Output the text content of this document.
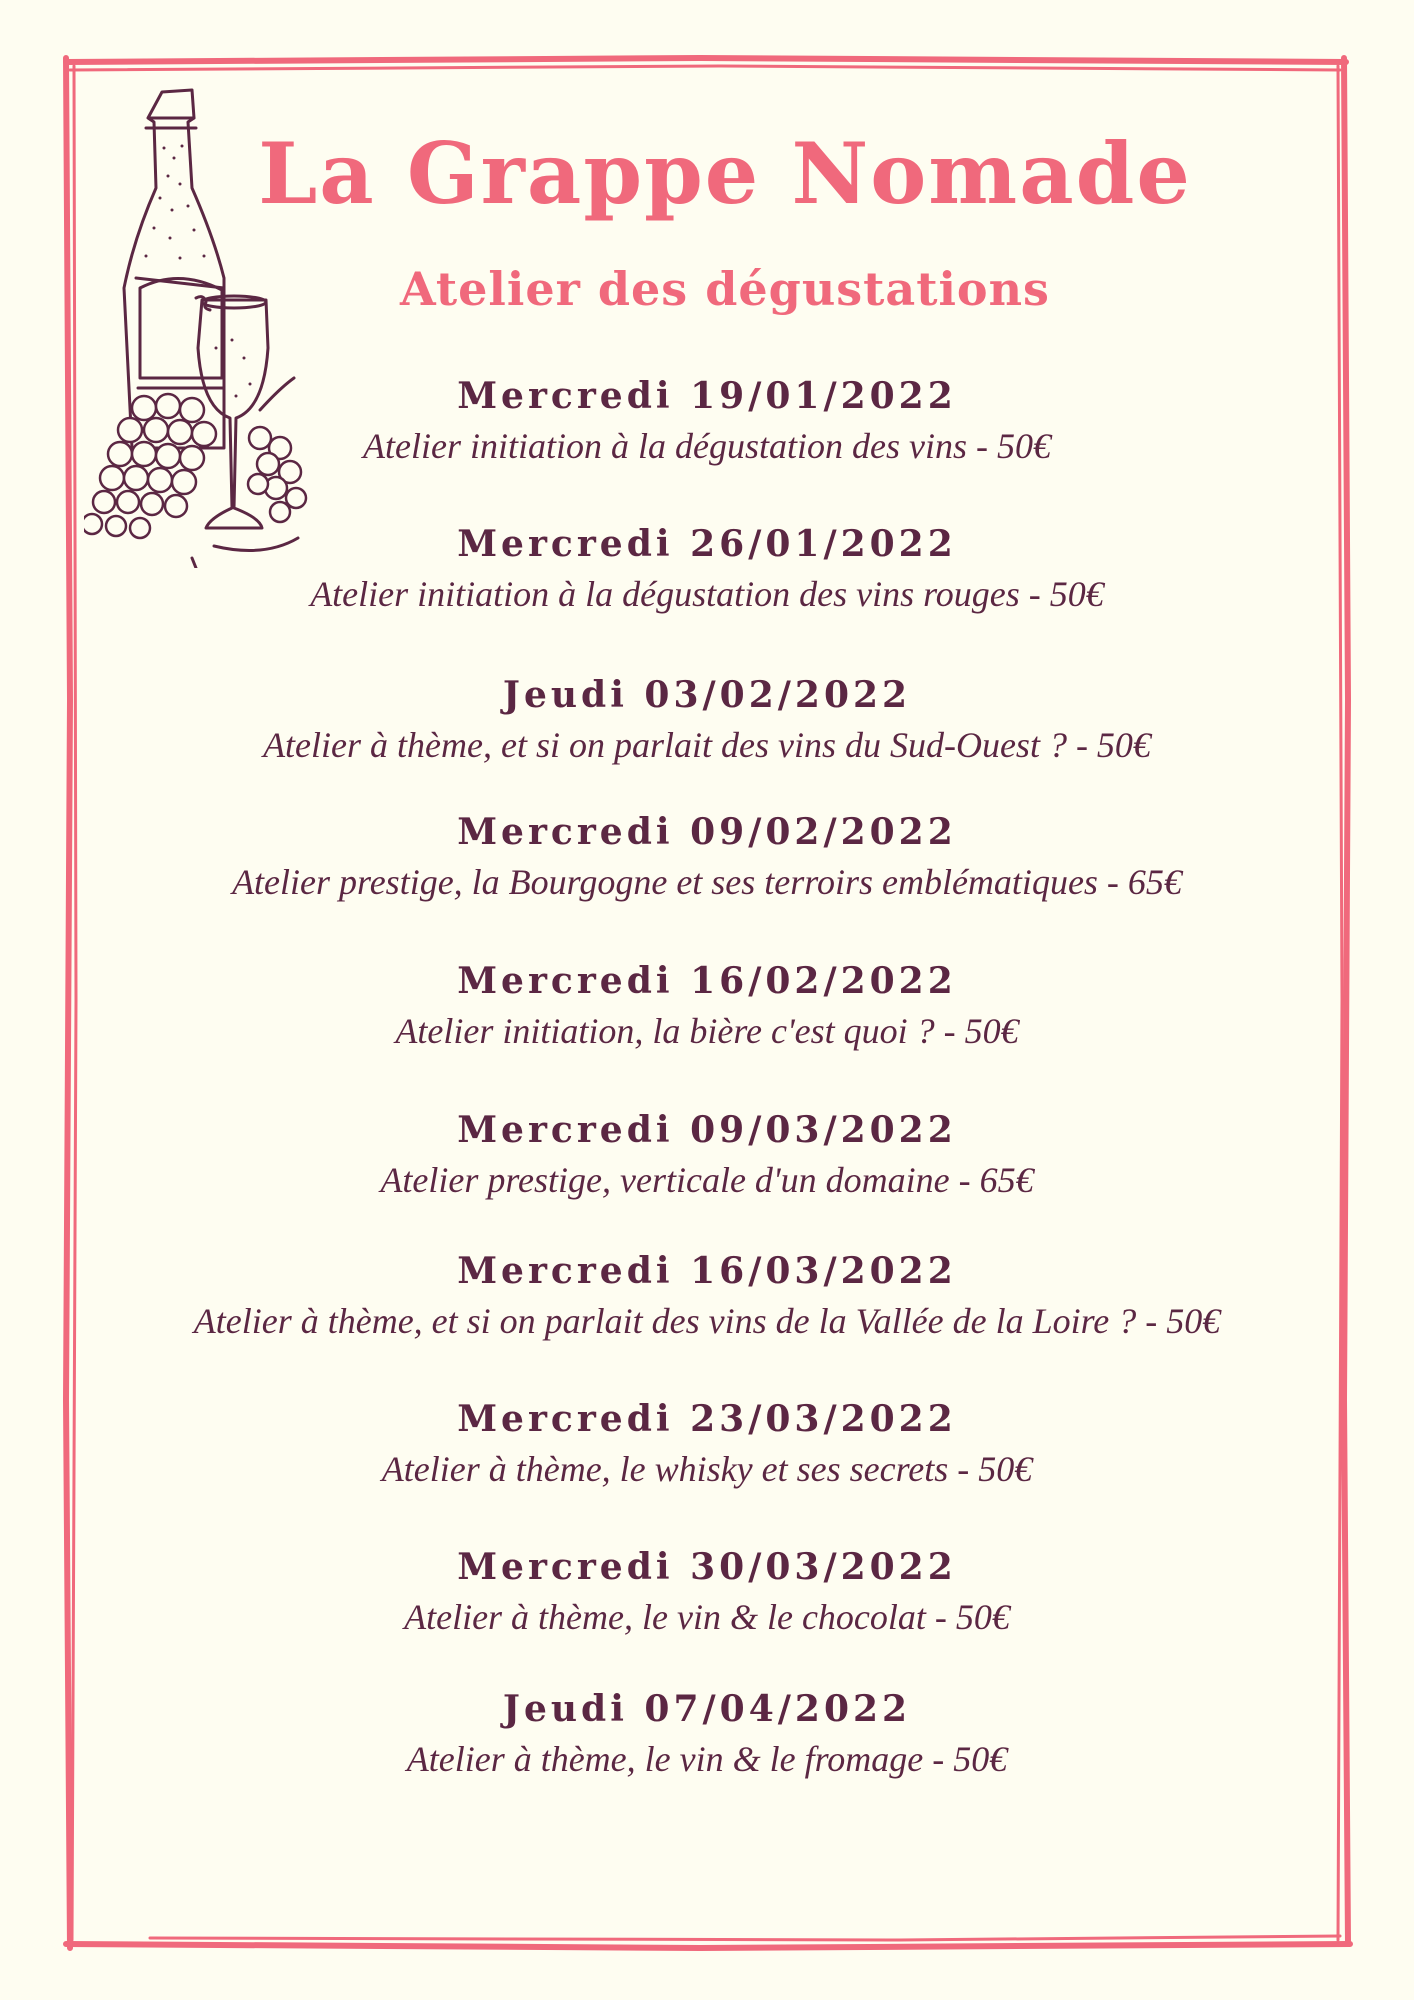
La Grappe Nomade
Atelier des dégustations
Mercredi 19/01/2022
Atelier initiation à la dégustation des vins - 50€
Mercredi 26/01/2022
Atelier initiation à la dégustation des vins rouges - 50€
Jeudi 03/02/2022
Atelier à thème, et si on parlait des vins du Sud-Ouest ? - 50€
Mercredi 09/02/2022
Atelier prestige, la Bourgogne et ses terroirs emblématiques - 65€
Mercredi 16/02/2022
Atelier initiation, la bière c'est quoi ? - 50€
Mercredi 09/03/2022
Atelier prestige, verticale d'un domaine - 65€
Mercredi 16/03/2022
Atelier à thème, et si on parlait des vins de la Vallée de la Loire ? - 50€
Mercredi 23/03/2022
Atelier à thème, le whisky et ses secrets - 50€
Mercredi 30/03/2022
Atelier à thème, le vin & le chocolat - 50€
Jeudi 07/04/2022
Atelier à thème, le vin & le fromage - 50€
